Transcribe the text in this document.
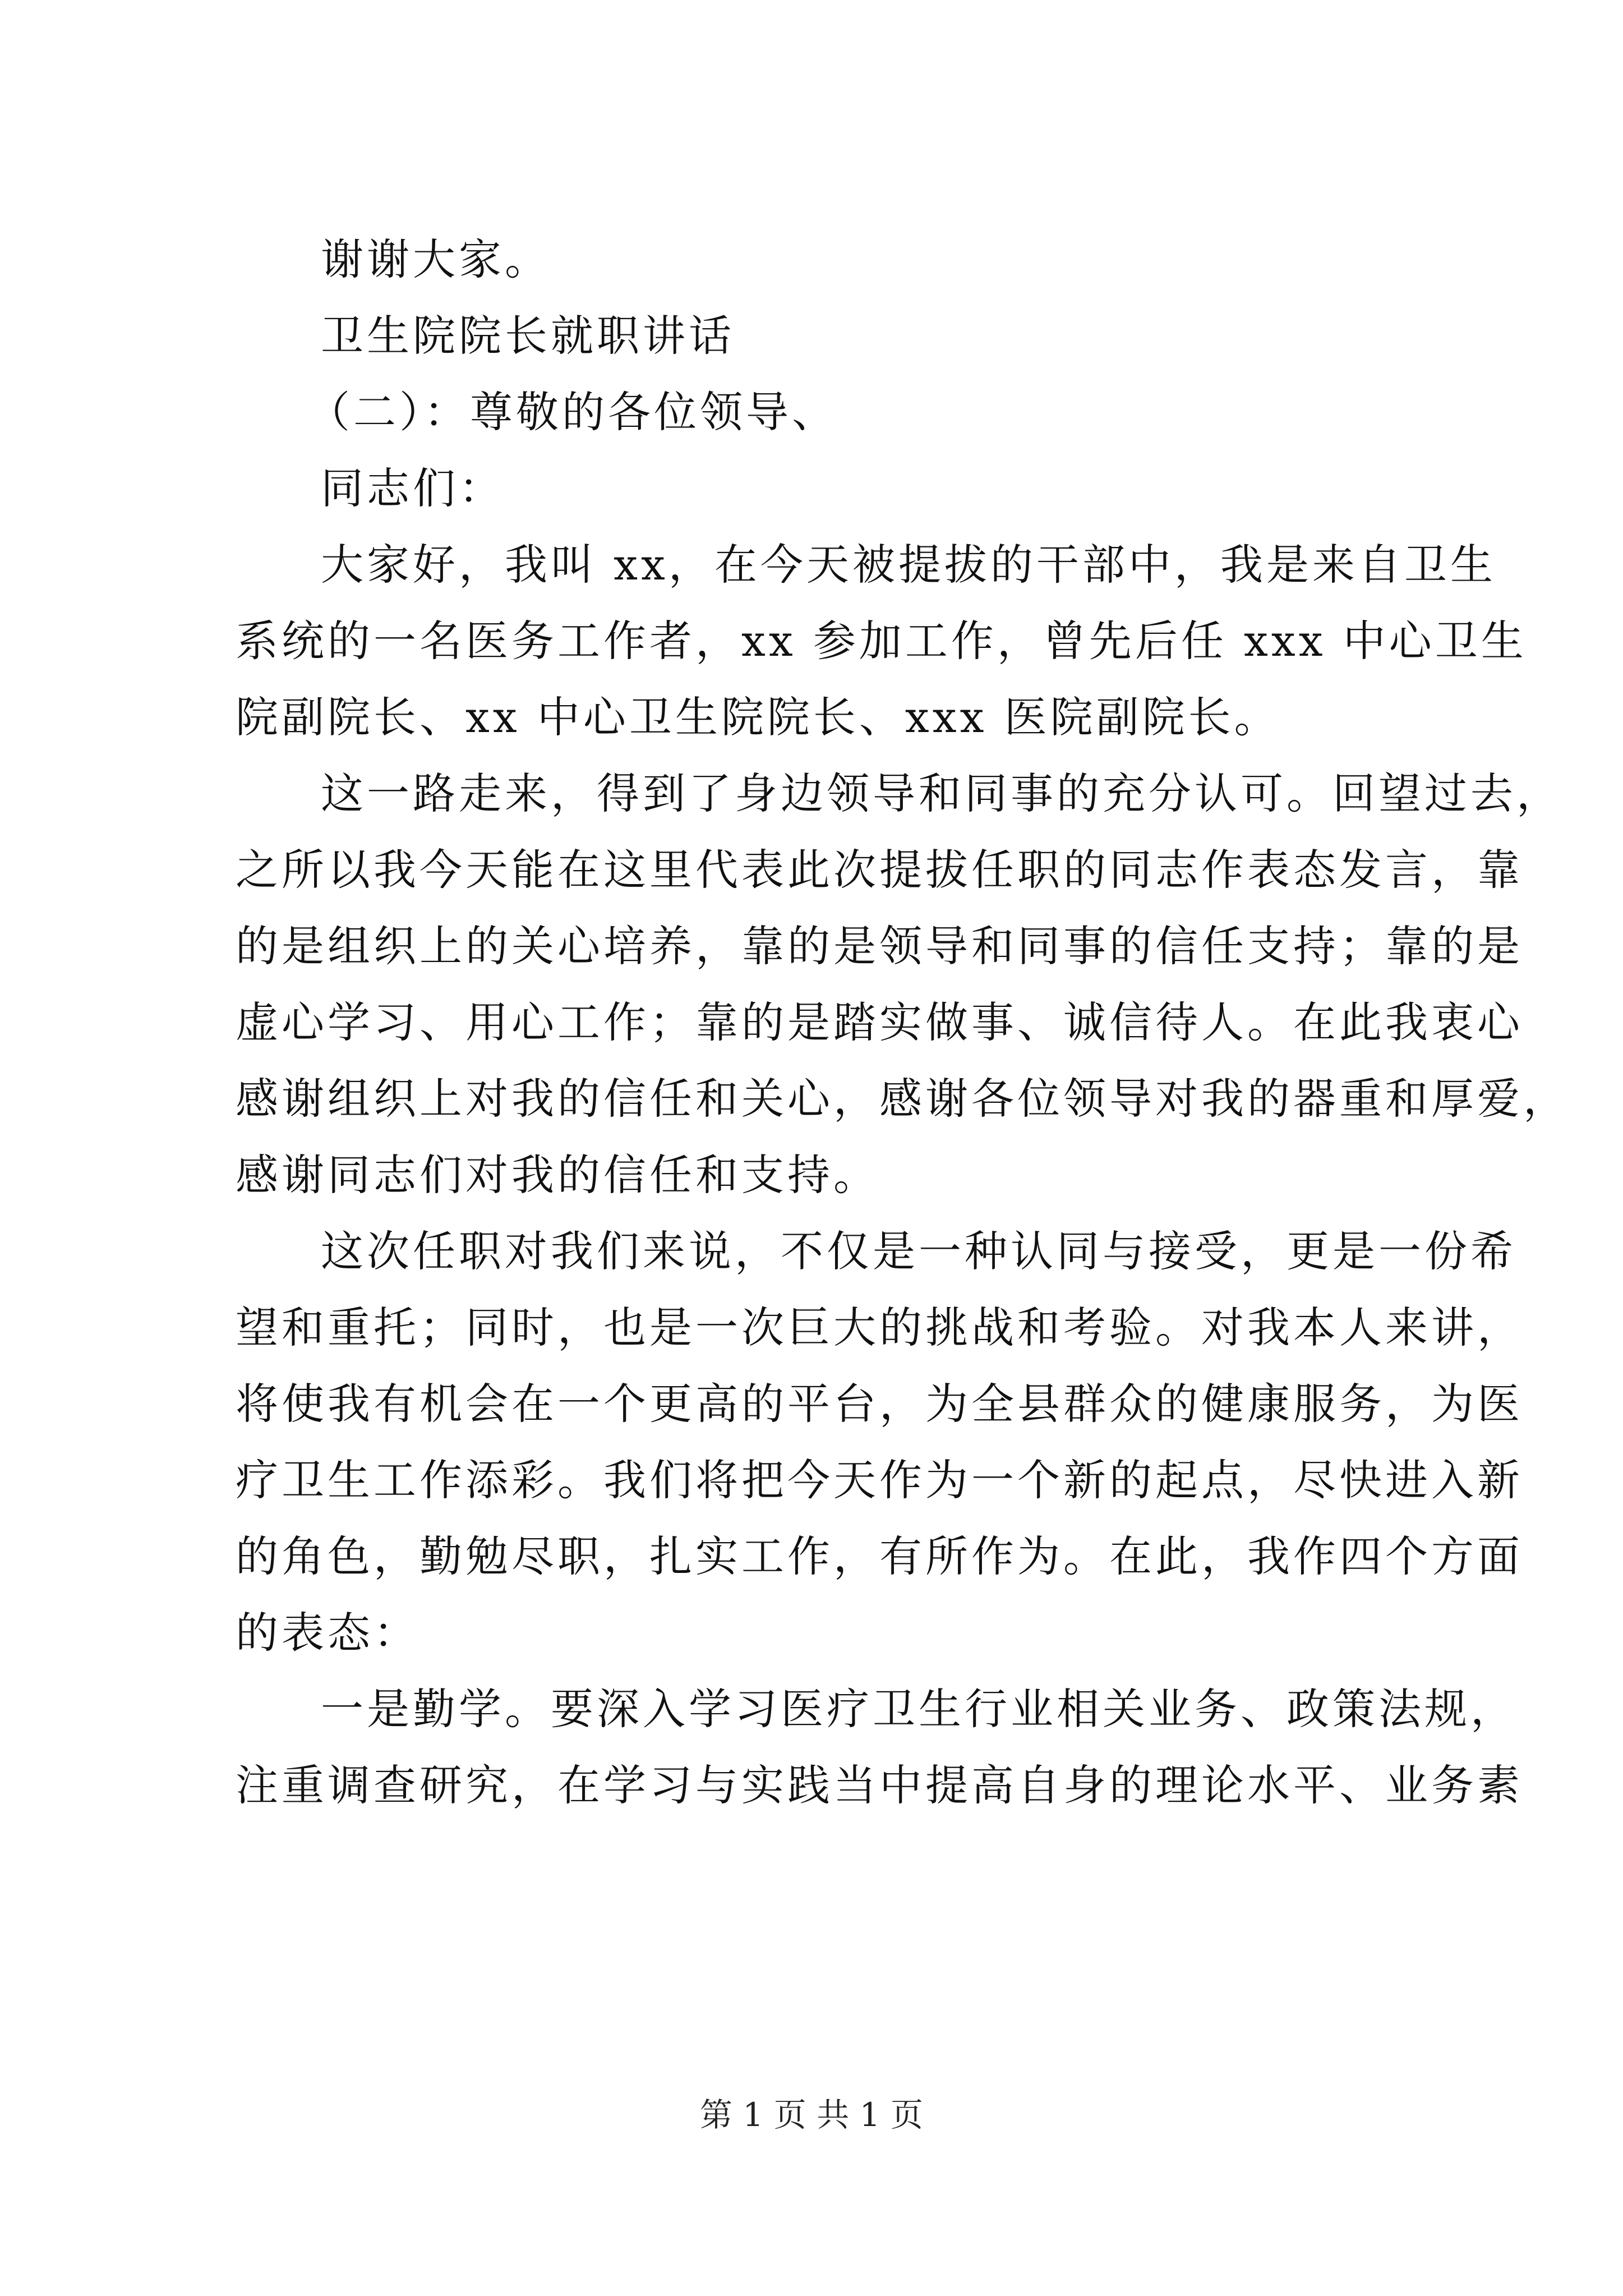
谢谢大家。
卫生院院长就职讲话
（二）：尊敬的各位领导、
同志们：
大家好，我叫 xx，在今天被提拔的干部中，我是来自卫生
系统的一名医务工作者，xx 参加工作，曾先后任 xxx 中心卫生
院副院长、xx 中心卫生院院长、xxx 医院副院长。
这一路走来，得到了身边领导和同事的充分认可。回望过去，
之所以我今天能在这里代表此次提拔任职的同志作表态发言，靠
的是组织上的关心培养，靠的是领导和同事的信任支持；靠的是
虚心学习、用心工作；靠的是踏实做事、诚信待人。在此我衷心
感谢组织上对我的信任和关心，感谢各位领导对我的器重和厚爱，
感谢同志们对我的信任和支持。
这次任职对我们来说，不仅是一种认同与接受，更是一份希
望和重托；同时，也是一次巨大的挑战和考验。对我本人来讲，
将使我有机会在一个更高的平台，为全县群众的健康服务，为医
疗卫生工作添彩。我们将把今天作为一个新的起点，尽快进入新
的角色，勤勉尽职，扎实工作，有所作为。在此，我作四个方面
的表态：
一是勤学。要深入学习医疗卫生行业相关业务、政策法规，
注重调查研究，在学习与实践当中提高自身的理论水平、业务素
第 1 页 共 1 页
